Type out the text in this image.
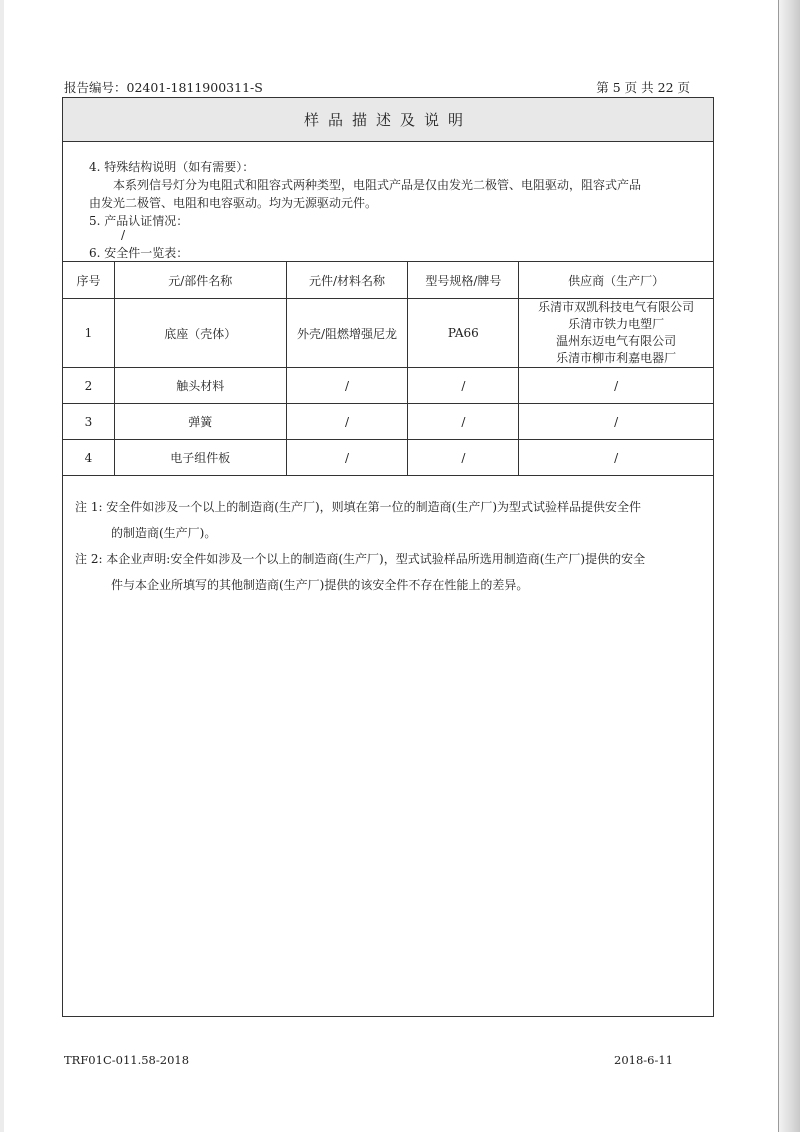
报告编号：02401-1811900311-S	第 5 页 共 22 页
样品描述及说明
4. 特殊结构说明（如有需要）：
本系列信号灯分为电阻式和阻容式两种类型，电阻式产品是仅由发光二极管、电阻驱动，阻容式产品
由发光二极管、电阻和电容驱动。均为无源驱动元件。
5. 产品认证情况：
/
6. 安全件一览表：
序号	元/部件名称	元件/材料名称	型号规格/牌号	供应商（生产厂）
1	底座（壳体）	外壳/阻燃增强尼龙	PA66	乐清市双凯科技电气有限公司
乐清市铁力电塑厂
温州东迈电气有限公司
乐清市柳市利嘉电器厂

2	触头材料	/	/	/
3	弹簧	/	/	/
4	电子组件板	/	/	/
注 1: 安全件如涉及一个以上的制造商(生产厂)，则填在第一位的制造商(生产厂)为型式试验样品提供安全件
的制造商(生产厂)。
注 2: 本企业声明:安全件如涉及一个以上的制造商(生产厂)，型式试验样品所选用制造商(生产厂)提供的安全
件与本企业所填写的其他制造商(生产厂)提供的该安全件不存在性能上的差异。
TRF01C-011.58-2018	2018-6-11
